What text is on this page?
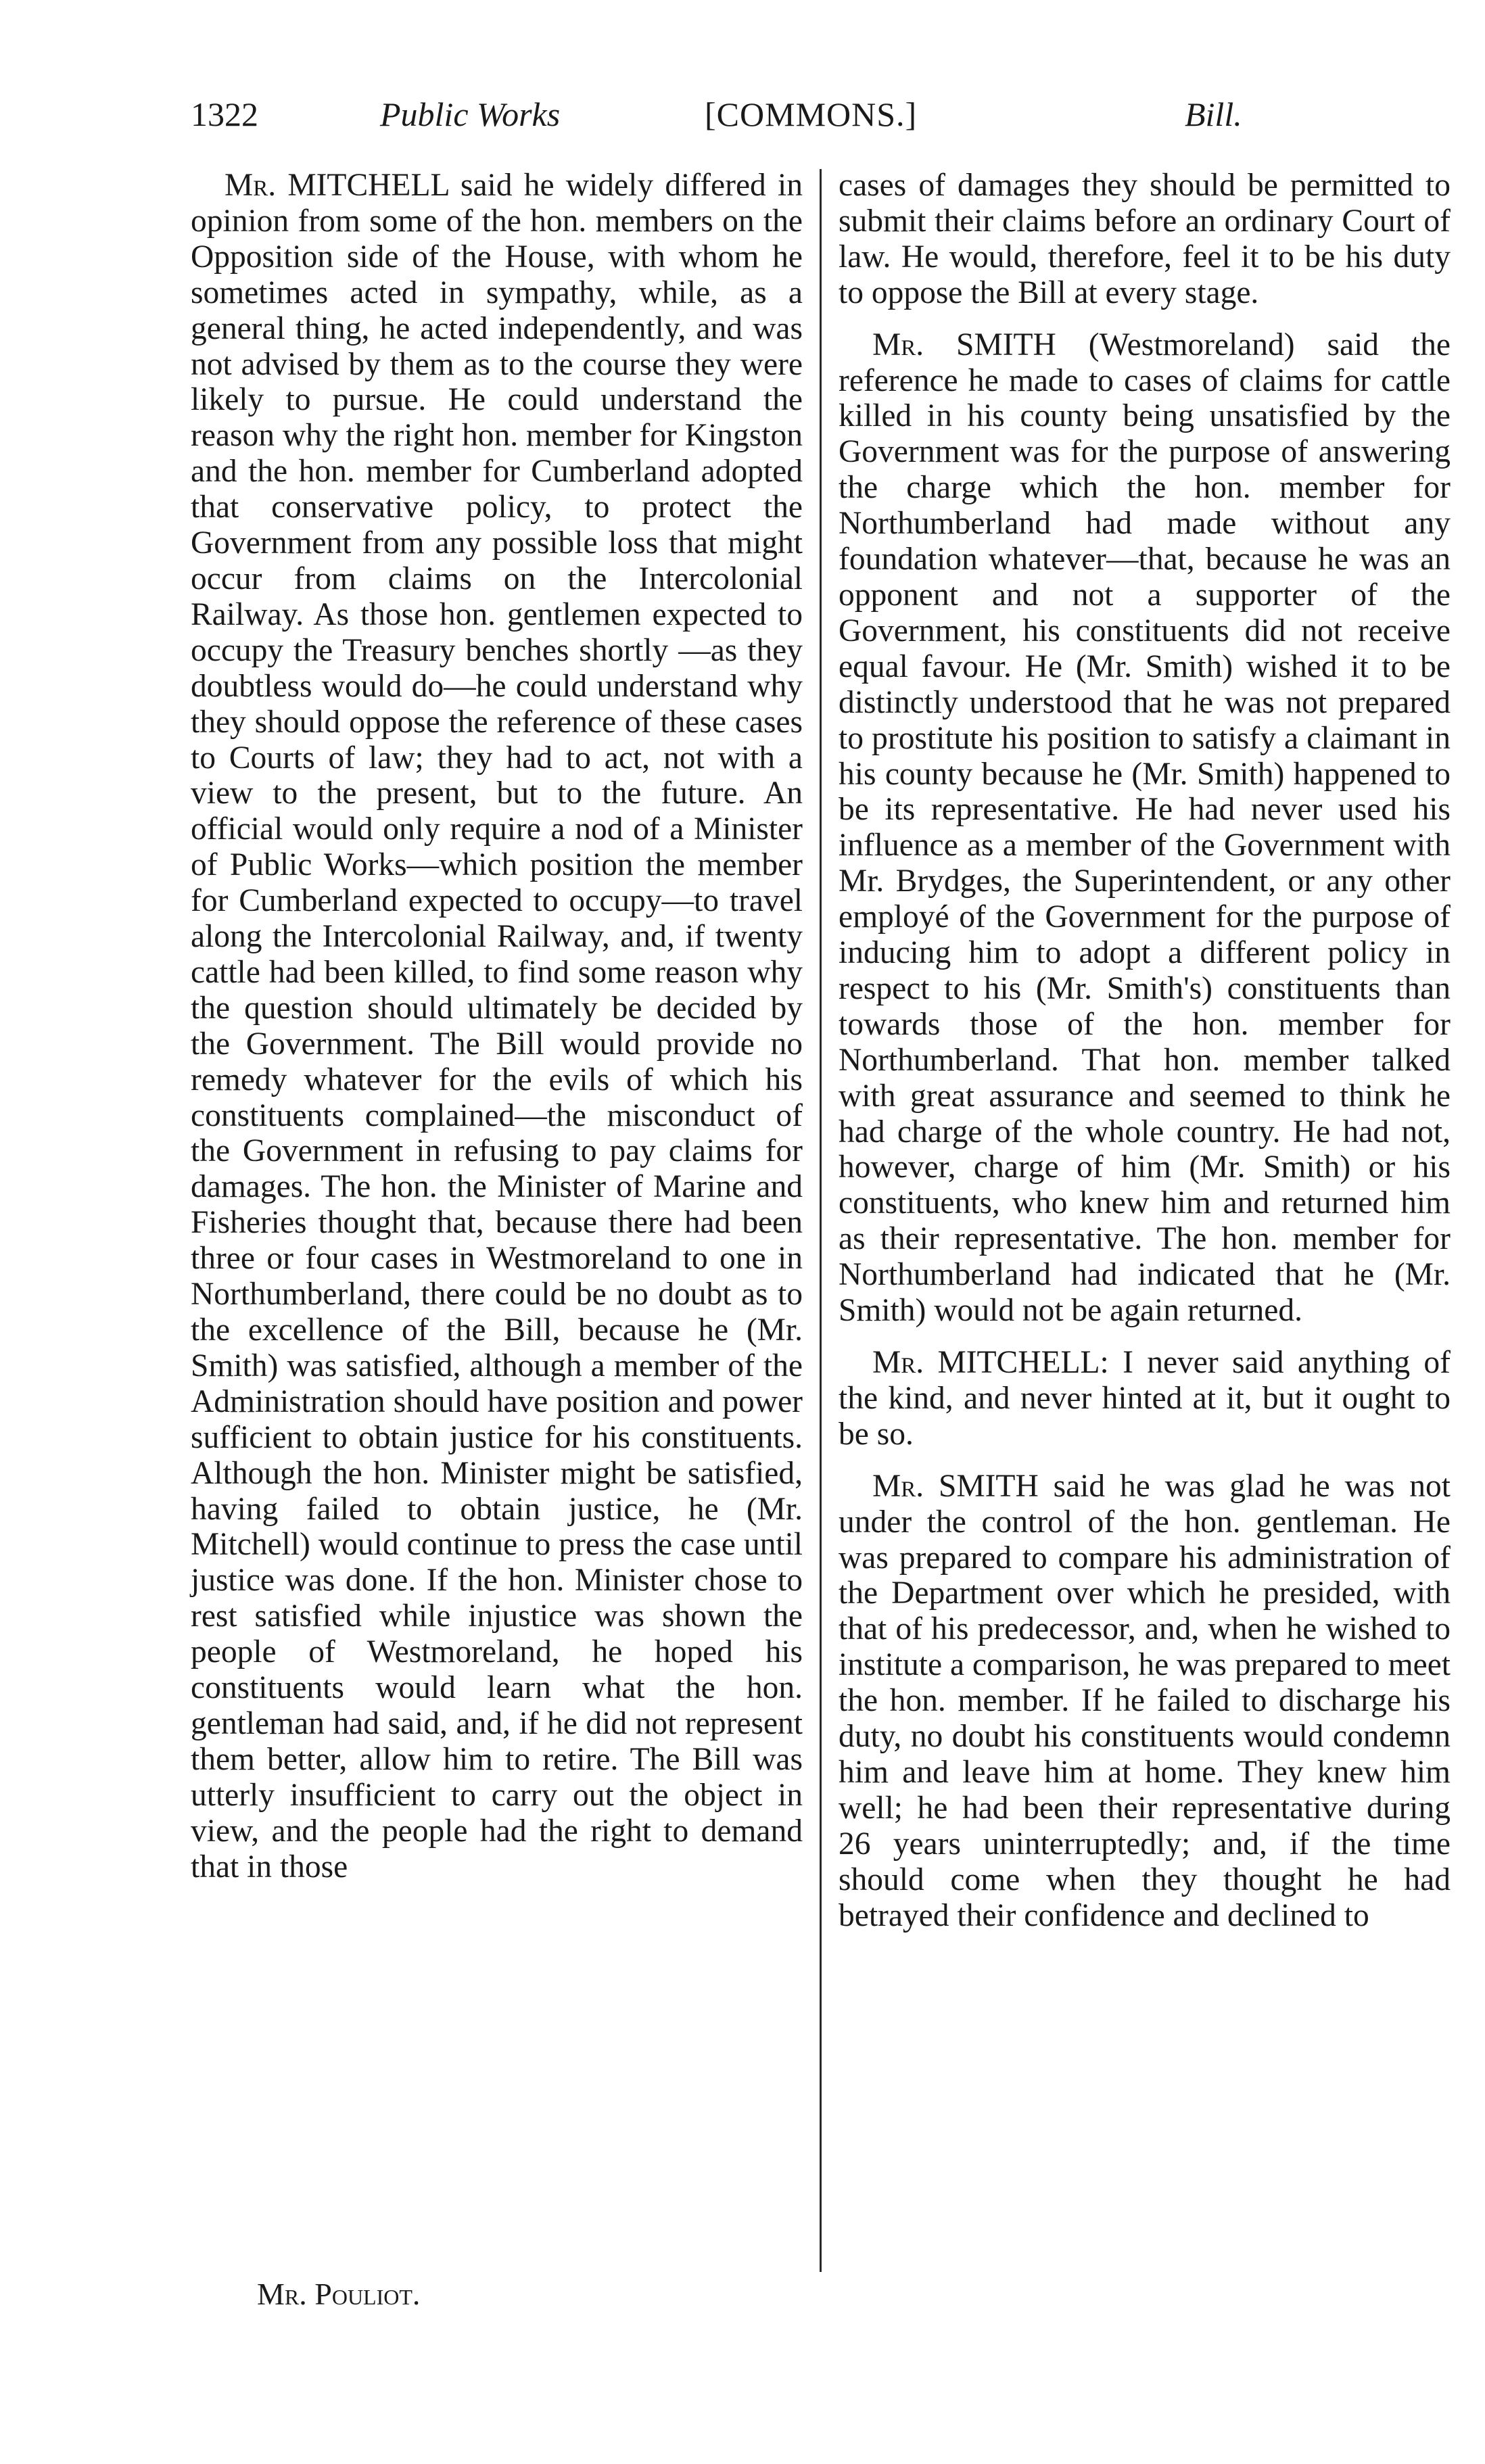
1322	Public Works	[COMMONS.]	Bill.

Mr. MITCHELL said he widely differed in opinion from some of the hon. members on the Opposition side of the House, with whom he sometimes acted in sympathy, while, as a general thing, he acted independently, and was not advised by them as to the course they were likely to pursue. He could understand the reason why the right hon. member for Kingston and the hon. member for Cumberland adopted that conservative policy, to protect the Government from any possible loss that might occur from claims on the Intercolonial Railway. As those hon. gentlemen expected to occupy the Treasury benches shortly —as they doubtless would do—he could understand why they should oppose the reference of these cases to Courts of law; they had to act, not with a view to the present, but to the future. An official would only require a nod of a Minister of Public Works—which position the member for Cumberland expected to occupy—to travel along the Intercolonial Railway, and, if twenty cattle had been killed, to find some reason why the question should ultimately be decided by the Government. The Bill would provide no remedy whatever for the evils of which his constituents complained—the misconduct of the Government in refusing to pay claims for damages. The hon. the Minister of Marine and Fisheries thought that, because there had been three or four cases in Westmoreland to one in Northumberland, there could be no doubt as to the excellence of the Bill, because he (Mr. Smith) was satisfied, although a member of the Administration should have position and power sufficient to obtain justice for his constituents. Although the hon. Minister might be satisfied, having failed to obtain justice, he (Mr. Mitchell) would continue to press the case until justice was done. If the hon. Minister chose to rest satisfied while injustice was shown the people of Westmoreland, he hoped his constituents would learn what the hon. gentleman had said, and, if he did not represent them better, allow him to retire. The Bill was utterly insufficient to carry out the object in view, and the people had the right to demand that in those

cases of damages they should be permitted to submit their claims before an ordinary Court of law. He would, therefore, feel it to be his duty to oppose the Bill at every stage.

Mr. SMITH (Westmoreland) said the reference he made to cases of claims for cattle killed in his county being unsatisfied by the Government was for the purpose of answering the charge which the hon. member for Northumberland had made without any foundation whatever—that, because he was an opponent and not a supporter of the Government, his constituents did not receive equal favour. He (Mr. Smith) wished it to be distinctly understood that he was not prepared to prostitute his position to satisfy a claimant in his county because he (Mr. Smith) happened to be its representative. He had never used his influence as a member of the Government with Mr. Brydges, the Superintendent, or any other employé of the Government for the purpose of inducing him to adopt a different policy in respect to his (Mr. Smith's) constituents than towards those of the hon. member for Northumberland. That hon. member talked with great assurance and seemed to think he had charge of the whole country. He had not, however, charge of him (Mr. Smith) or his constituents, who knew him and returned him as their representative. The hon. member for Northumberland had indicated that he (Mr. Smith) would not be again returned.

Mr. MITCHELL: I never said anything of the kind, and never hinted at it, but it ought to be so.

Mr. SMITH said he was glad he was not under the control of the hon. gentleman. He was prepared to compare his administration of the Department over which he presided, with that of his predecessor, and, when he wished to institute a comparison, he was prepared to meet the hon. member. If he failed to discharge his duty, no doubt his constituents would condemn him and leave him at home. They knew him well; he had been their representative during 26 years uninterruptedly; and, if the time should come when they thought he had betrayed their confidence and declined to

Mr. Pouliot.
